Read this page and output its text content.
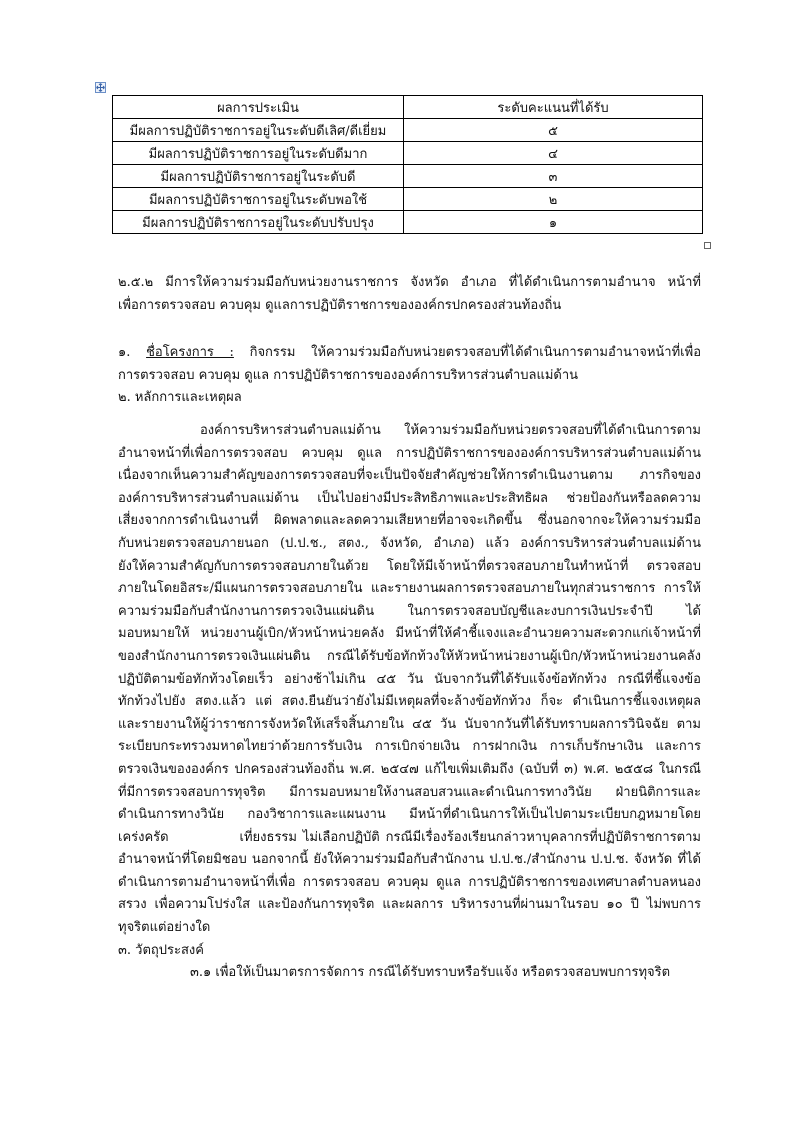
ผลการประเมิน	ระดับคะแนนที่ได้รับ
มีผลการปฏิบัติราชการอยู่ในระดับดีเลิศ/ดีเยี่ยม	๕
มีผลการปฏิบัติราชการอยู่ในระดับดีมาก	๔
มีผลการปฏิบัติราชการอยู่ในระดับดี	๓
มีผลการปฏิบัติราชการอยู่ในระดับพอใช้	๒
มีผลการปฏิบัติราชการอยู่ในระดับปรับปรุง	๑
๒.๕.๒ มีการให้ความร่วมมือกับหน่วยงานราชการ จังหวัด อำเภอ ที่ได้ดำเนินการตามอำนาจ หน้าที่
เพื่อการตรวจสอบ ควบคุม ดูแลการปฏิบัติราชการขององค์กรปกครองส่วนท้องถิ่น
๑. ชื่อโครงการ : กิจกรรม ให้ความร่วมมือกับหน่วยตรวจสอบที่ได้ดำเนินการตามอำนาจหน้าที่เพื่อ
การตรวจสอบ ควบคุม ดูแล การปฏิบัติราชการขององค์การบริหารส่วนตำบลแม่ด้าน
๒. หลักการและเหตุผล
องค์การบริหารส่วนตำบลแม่ด้าน ให้ความร่วมมือกับหน่วยตรวจสอบที่ได้ดำเนินการตาม
อำนาจหน้าที่เพื่อการตรวจสอบ ควบคุม ดูแล การปฏิบัติราชการขององค์การบริหารส่วนตำบลแม่ด้าน
เนื่องจากเห็นความสำคัญของการตรวจสอบที่จะเป็นปัจจัยสำคัญช่วยให้การดำเนินงานตาม ภารกิจของ
องค์การบริหารส่วนตำบลแม่ด้าน เป็นไปอย่างมีประสิทธิภาพและประสิทธิผล ช่วยป้องกันหรือลดความ
เสี่ยงจากการดำเนินงานที่ ผิดพลาดและลดความเสียหายที่อาจจะเกิดขึ้น ซึ่งนอกจากจะให้ความร่วมมือ
กับหน่วยตรวจสอบภายนอก (ป.ป.ช., สตง., จังหวัด, อำเภอ) แล้ว องค์การบริหารส่วนตำบลแม่ด้าน
ยังให้ความสำคัญกับการตรวจสอบภายในด้วย โดยให้มีเจ้าหน้าที่ตรวจสอบภายในทำหน้าที่ ตรวจสอบ
ภายในโดยอิสระ/มีแผนการตรวจสอบภายใน และรายงานผลการตรวจสอบภายในทุกส่วนราชการ การให้
ความร่วมมือกับสำนักงานการตรวจเงินแผ่นดิน ในการตรวจสอบบัญชีและงบการเงินประจำปี ได้
มอบหมายให้ หน่วยงานผู้เบิก/หัวหน้าหน่วยคลัง มีหน้าที่ให้คำชี้แจงและอำนวยความสะดวกแก่เจ้าหน้าที่
ของสำนักงานการตรวจเงินแผ่นดิน กรณีได้รับข้อทักท้วงให้หัวหน้าหน่วยงานผู้เบิก/หัวหน้าหน่วยงานคลัง
ปฏิบัติตามข้อทักท้วงโดยเร็ว อย่างช้าไม่เกิน ๔๕ วัน นับจากวันที่ได้รับแจ้งข้อทักท้วง กรณีที่ชี้แจงข้อ
ทักท้วงไปยัง สตง.แล้ว แต่ สตง.ยืนยันว่ายังไม่มีเหตุผลที่จะล้างข้อทักท้วง ก็จะ ดำเนินการชี้แจงเหตุผล
และรายงานให้ผู้ว่าราชการจังหวัดให้เสร็จสิ้นภายใน ๔๕ วัน นับจากวันที่ได้รับทราบผลการวินิจฉัย ตาม
ระเบียบกระทรวงมหาดไทยว่าด้วยการรับเงิน การเบิกจ่ายเงิน การฝากเงิน การเก็บรักษาเงิน และการ
ตรวจเงินขององค์กร ปกครองส่วนท้องถิ่น พ.ศ. ๒๕๔๗ แก้ไขเพิ่มเติมถึง (ฉบับที่ ๓) พ.ศ. ๒๕๕๘ ในกรณี
ที่มีการตรวจสอบการทุจริต มีการมอบหมายให้งานสอบสวนและดำเนินการทางวินัย ฝ่ายนิติการและ
ดำเนินการทางวินัย กองวิชาการและแผนงาน มีหน้าที่ดำเนินการให้เป็นไปตามระเบียบกฎหมายโดย
เคร่งครัด            เที่ยงธรรม ไม่เลือกปฏิบัติ กรณีมีเรื่องร้องเรียนกล่าวหาบุคลากรที่ปฏิบัติราชการตาม
อำนาจหน้าที่โดยมิชอบ นอกจากนี้ ยังให้ความร่วมมือกับสำนักงาน ป.ป.ช./สำนักงาน ป.ป.ช. จังหวัด ที่ได้
ดำเนินการตามอำนาจหน้าที่เพื่อ การตรวจสอบ ควบคุม ดูแล การปฏิบัติราชการของเทศบาลตำบลหนอง
สรวง เพื่อความโปร่งใส และป้องกันการทุจริต และผลการ บริหารงานที่ผ่านมาในรอบ ๑๐ ปี ไม่พบการ
ทุจริตแต่อย่างใด
๓. วัตถุประสงค์
๓.๑ เพื่อให้เป็นมาตรการจัดการ กรณีได้รับทราบหรือรับแจ้ง หรือตรวจสอบพบการทุจริต
